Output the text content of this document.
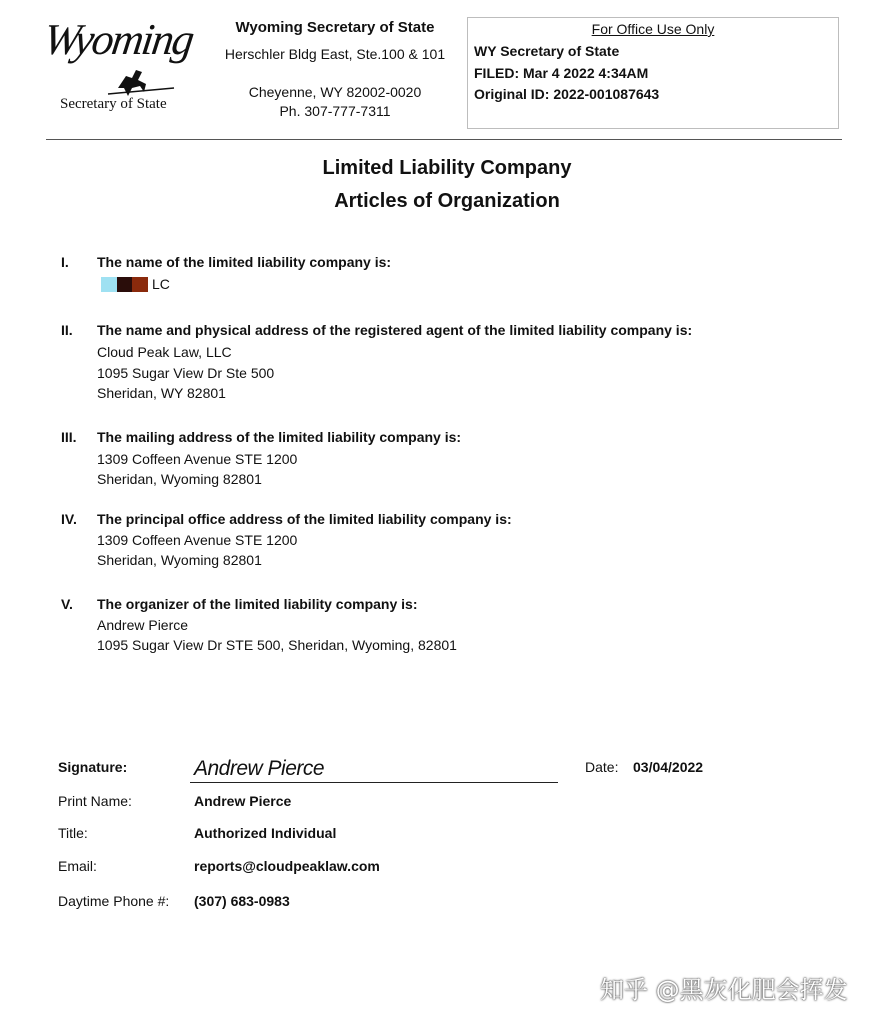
Wyoming
Secretary of State
Wyoming Secretary of State
Herschler Bldg East, Ste.100 & 101
Cheyenne, WY 82002-0020
Ph. 307-777-7311
For Office Use Only
WY Secretary of State
FILED: Mar 4 2022 4:34AM
Original ID: 2022-001087643
Limited Liability Company
Articles of Organization
I. The name of the limited liability company is:
LC
II. The name and physical address of the registered agent of the limited liability company is:
Cloud Peak Law, LLC
1095 Sugar View Dr Ste 500
Sheridan, WY 82801
III. The mailing address of the limited liability company is:
1309 Coffeen Avenue STE 1200
Sheridan, Wyoming 82801
IV. The principal office address of the limited liability company is:
1309 Coffeen Avenue STE 1200
Sheridan, Wyoming 82801
V. The organizer of the limited liability company is:
Andrew Pierce
1095 Sugar View Dr STE 500, Sheridan, Wyoming, 82801
Signature:	Andrew Pierce	Date: 03/04/2022
Print Name:	Andrew Pierce
Title:	Authorized Individual
Email:	reports@cloudpeaklaw.com
Daytime Phone #: (307) 683-0983
知乎 @黑灰化肥会挥发
